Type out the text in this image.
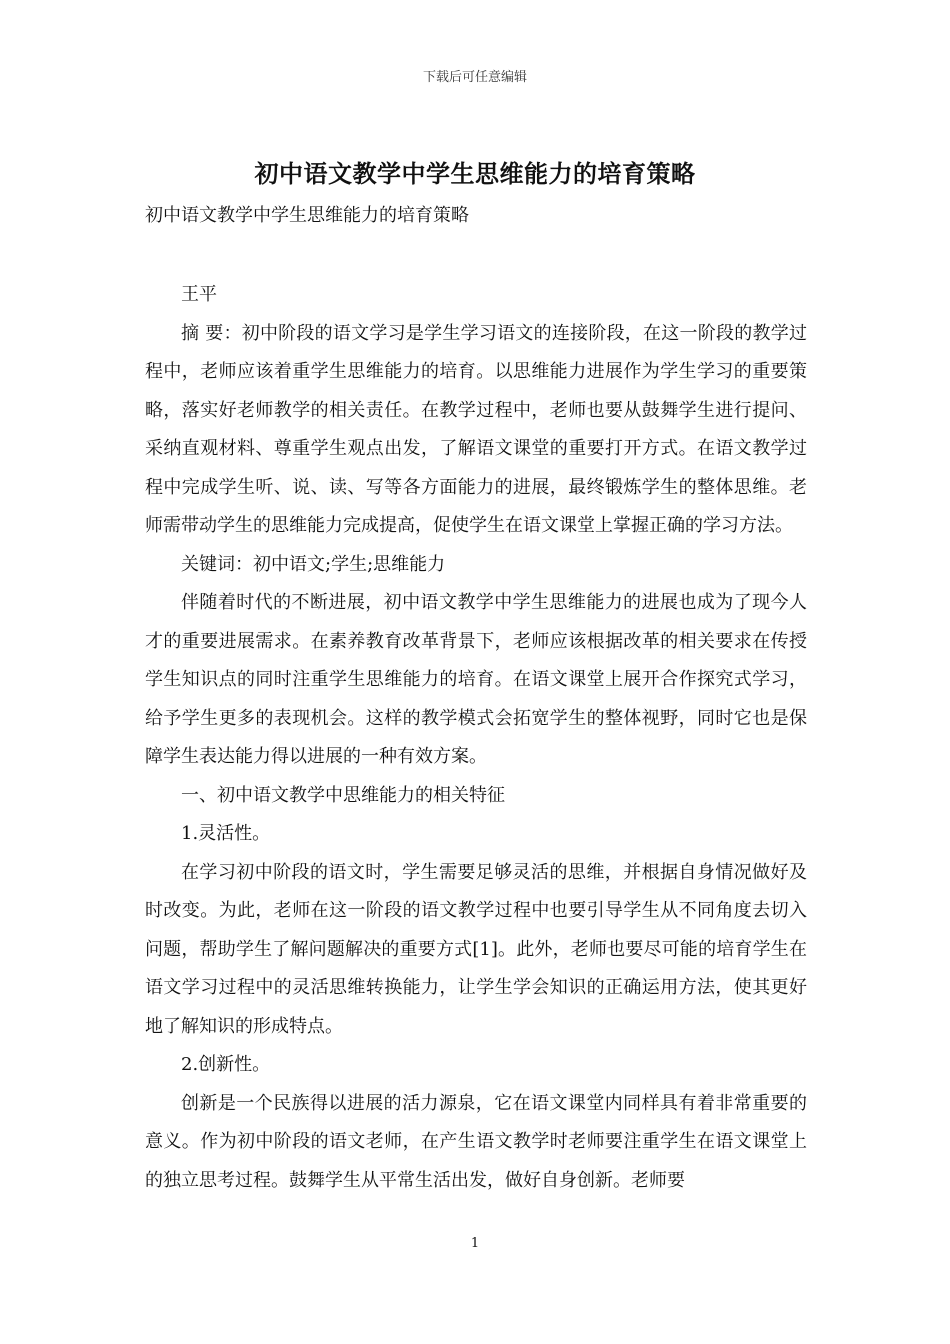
下载后可任意编辑
初中语文教学中学生思维能力的培育策略
初中语文教学中学生思维能力的培育策略

王平

摘 要：初中阶段的语文学习是学生学习语文的连接阶段，在这一阶段的教学过程中，老师应该着重学生思维能力的培育。以思维能力进展作为学生学习的重要策略，落实好老师教学的相关责任。在教学过程中，老师也要从鼓舞学生进行提问、采纳直观材料、尊重学生观点出发，了解语文课堂的重要打开方式。在语文教学过程中完成学生听、说、读、写等各方面能力的进展，最终锻炼学生的整体思维。老师需带动学生的思维能力完成提高，促使学生在语文课堂上掌握正确的学习方法。

关键词：初中语文;学生;思维能力

伴随着时代的不断进展，初中语文教学中学生思维能力的进展也成为了现今人才的重要进展需求。在素养教育改革背景下，老师应该根据改革的相关要求在传授学生知识点的同时注重学生思维能力的培育。在语文课堂上展开合作探究式学习，给予学生更多的表现机会。这样的教学模式会拓宽学生的整体视野，同时它也是保障学生表达能力得以进展的一种有效方案。

一、初中语文教学中思维能力的相关特征

1.灵活性。

在学习初中阶段的语文时，学生需要足够灵活的思维，并根据自身情况做好及时改变。为此，老师在这一阶段的语文教学过程中也要引导学生从不同角度去切入问题，帮助学生了解问题解决的重要方式[1]。此外，老师也要尽可能的培育学生在语文学习过程中的灵活思维转换能力，让学生学会知识的正确运用方法，使其更好地了解知识的形成特点。

2.创新性。

创新是一个民族得以进展的活力源泉，它在语文课堂内同样具有着非常重要的意义。作为初中阶段的语文老师，在产生语文教学时老师要注重学生在语文课堂上的独立思考过程。鼓舞学生从平常生活出发，做好自身创新。老师要

1
